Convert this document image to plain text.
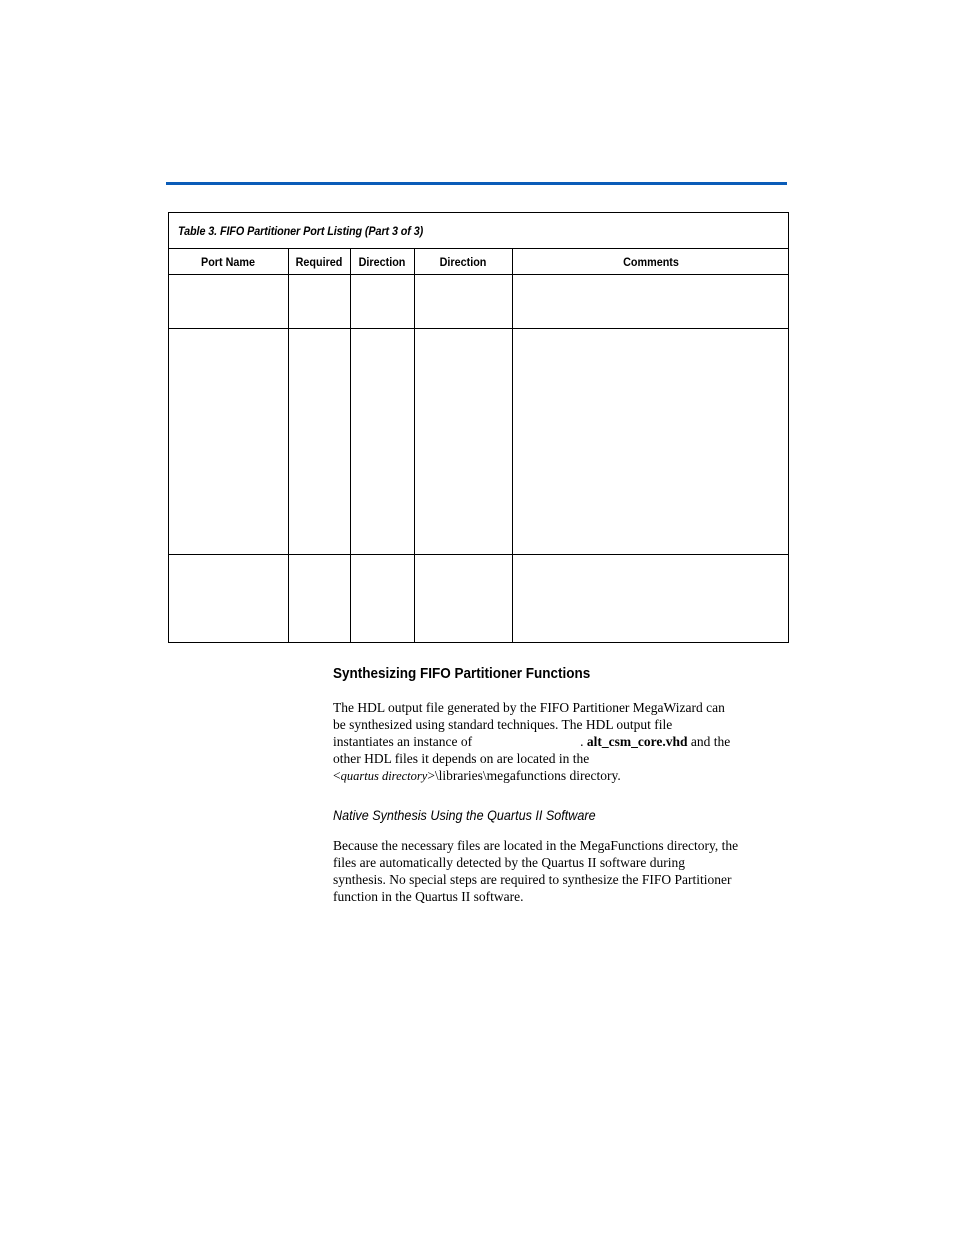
Table 3. FIFO Partitioner Port Listing (Part 3 of 3)				
Port Name	Required	Direction	Direction	Comments

Synthesizing FIFO Partitioner Functions
The HDL output file generated by the FIFO Partitioner MegaWizard can
be synthesized using standard techniques. The HDL output file
instantiates an instance of	. alt_csm_core.vhd and the
other HDL files it depends on are located in the
<quartus directory>\libraries\megafunctions directory.
Native Synthesis Using the Quartus II Software
Because the necessary files are located in the MegaFunctions directory, the
files are automatically detected by the Quartus II software during
synthesis. No special steps are required to synthesize the FIFO Partitioner
function in the Quartus II software.
